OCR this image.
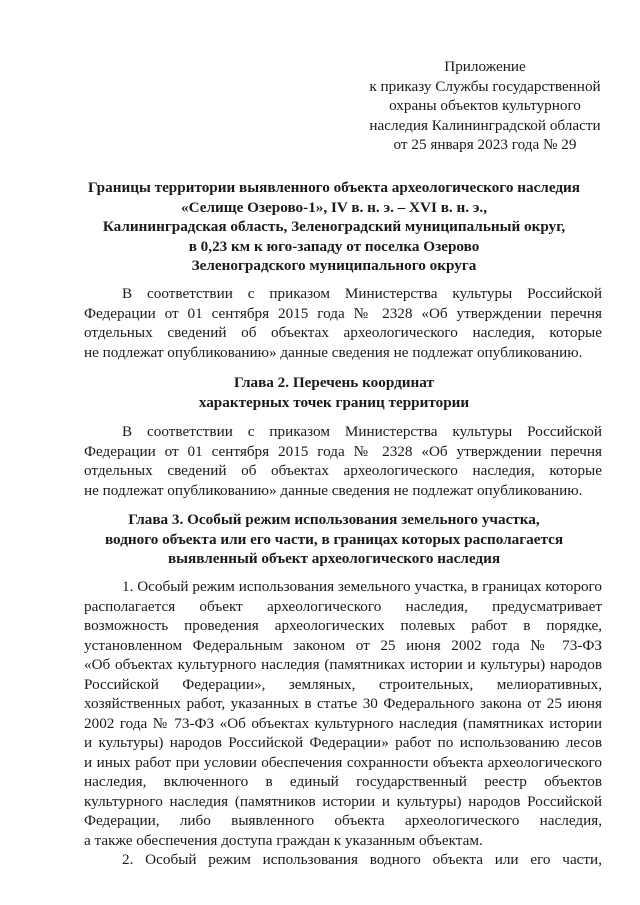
Приложение
к приказу Службы государственной
охраны объектов культурного
наследия Калининградской области
от 25 января 2023 года № 29
Границы территории выявленного объекта археологического наследия
«Селище Озерово-1», IV в. н. э. – XVI в. н. э.,
Калининградская область, Зеленоградский муниципальный округ,
в 0,23 км к юго-западу от поселка Озерово
Зеленоградского муниципального округа
В соответствии с приказом Министерства культуры Российской
Федерации от 01 сентября 2015 года № 2328 «Об утверждении перечня
отдельных сведений об объектах археологического наследия, которые
не подлежат опубликованию» данные сведения не подлежат опубликованию.
Глава 2. Перечень координат
характерных точек границ территории
В соответствии с приказом Министерства культуры Российской
Федерации от 01 сентября 2015 года № 2328 «Об утверждении перечня
отдельных сведений об объектах археологического наследия, которые
не подлежат опубликованию» данные сведения не подлежат опубликованию.
Глава 3. Особый режим использования земельного участка,
водного объекта или его части, в границах которых располагается
выявленный объект археологического наследия
1. Особый режим использования земельного участка, в границах которого
располагается объект археологического наследия, предусматривает
возможность проведения археологических полевых работ в порядке,
установленном Федеральным законом от 25 июня 2002 года № 73-ФЗ
«Об объектах культурного наследия (памятниках истории и культуры) народов
Российской Федерации», земляных, строительных, мелиоративных,
хозяйственных работ, указанных в статье 30 Федерального закона от 25 июня
2002 года № 73-ФЗ «Об объектах культурного наследия (памятниках истории
и культуры) народов Российской Федерации» работ по использованию лесов
и иных работ при условии обеспечения сохранности объекта археологического
наследия, включенного в единый государственный реестр объектов
культурного наследия (памятников истории и культуры) народов Российской
Федерации, либо выявленного объекта археологического наследия,
а также обеспечения доступа граждан к указанным объектам.
2. Особый режим использования водного объекта или его части,
